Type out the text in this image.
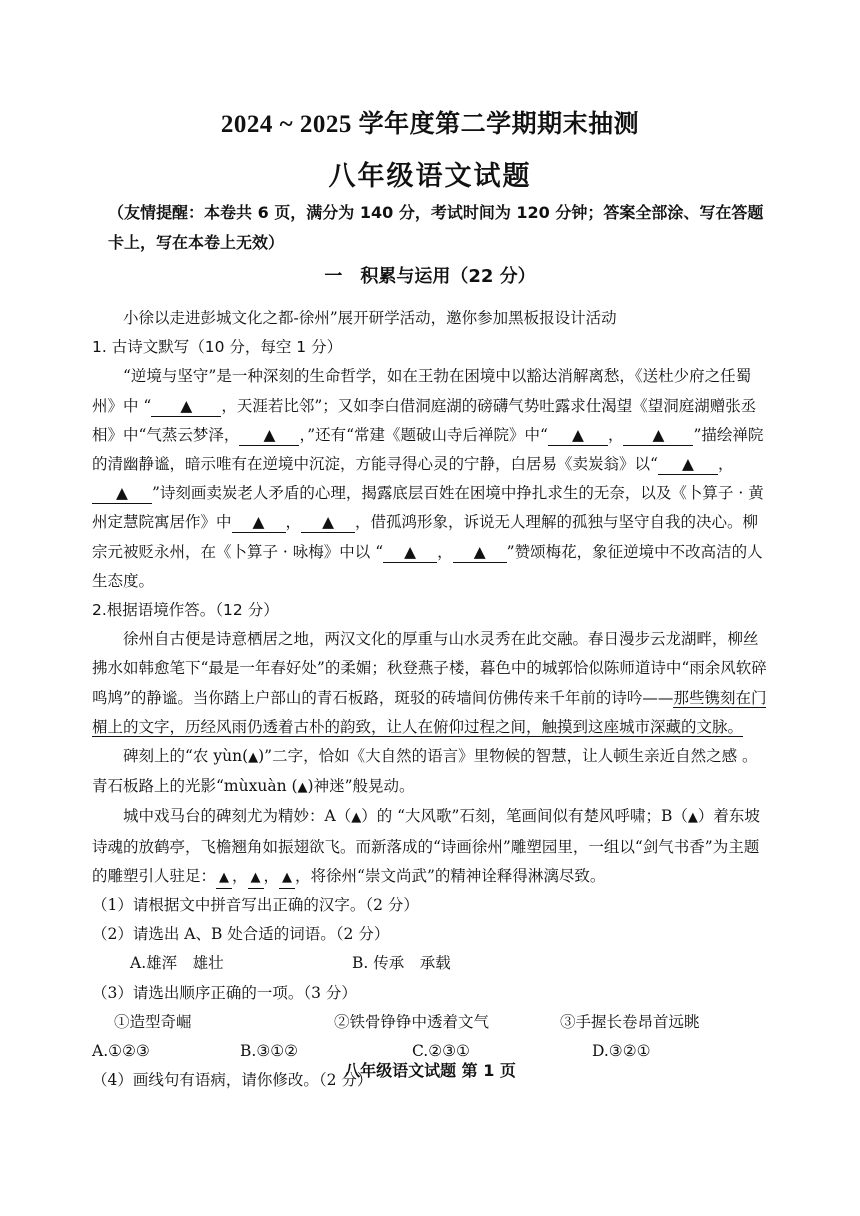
2024 ~ 2025 学年度第二学期期末抽测
八年级语文试题
（友情提醒：本卷共 6 页，满分为 140 分，考试时间为 120 分钟；答案全部涂、写在答题卡上，写在本卷上无效）
一　积累与运用（22 分）

小徐以走进彭城文化之都-徐州”展开研学活动，邀你参加黑板报设计活动

1. 古诗文默写（10 分，每空 1 分）

“逆境与坚守”是一种深刻的生命哲学，如在王勃在困境中以豁达消解离愁，《送杜少府之任蜀州》中 “ ▲ ，天涯若比邻”；又如李白借洞庭湖的磅礴气势吐露求仕渴望《望洞庭湖赠张丞相》中“气蒸云梦泽， ▲ ，”还有“常建《题破山寺后禅院》中“ ▲ ， ▲ ”描绘禅院的清幽静谧，暗示唯有在逆境中沉淀，方能寻得心灵的宁静，白居易《卖炭翁》以“ ▲ ，▲ ”诗刻画卖炭老人矛盾的心理，揭露底层百姓在困境中挣扎求生的无奈，以及《卜算子 · 黄州定慧院寓居作》中 ▲ ， ▲ ，借孤鸿形象，诉说无人理解的孤独与坚守自我的决心。柳宗元被贬永州，在《卜算子 · 咏梅》中以 “ ▲ ， ▲ ”赞颂梅花，象征逆境中不改高洁的人生态度。

2.根据语境作答。（12 分）

徐州自古便是诗意栖居之地，两汉文化的厚重与山水灵秀在此交融。春日漫步云龙湖畔，柳丝拂水如韩愈笔下“最是一年春好处”的柔媚；秋登燕子楼，暮色中的城郭恰似陈师道诗中“雨余风软碎鸣鸠”的静谧。当你踏上户部山的青石板路，斑驳的砖墙间仿佛传来千年前的诗吟——那些镌刻在门楣上的文字，历经风雨仍透着古朴的韵致，让人在俯仰过程之间，触摸到这座城市深藏的文脉。

碑刻上的“农 yùn(▲)”二字，恰如《大自然的语言》里物候的智慧，让人顿生亲近自然之感 。青石板路上的光影“mùxuàn (▲)神迷”般晃动。

城中戏马台的碑刻尤为精妙：A（▲）的 “大风歌”石刻，笔画间似有楚风呼啸；B（▲）着东坡诗魂的放鹤亭，飞檐翘角如振翅欲飞。而新落成的“诗画徐州”雕塑园里，一组以“剑气书香”为主题的雕塑引人驻足： ▲ ， ▲ ， ▲ ，将徐州“崇文尚武”的精神诠释得淋漓尽致。

（1）请根据文中拼音写出正确的汉字。（2 分）

（2）请选出 A、B 处合适的词语。（2 分）

A.雄浑　雄壮	B. 传承　承载

（3）请选出顺序正确的一项。（3 分）

①造型奇崛	②铁骨铮铮中透着文气	③手握长卷昂首远眺

A.①②③	B.③①②	C.②③①	D.③②①

（4）画线句有语病，请你修改。（2 分）

八年级语文试题 第 1 页
